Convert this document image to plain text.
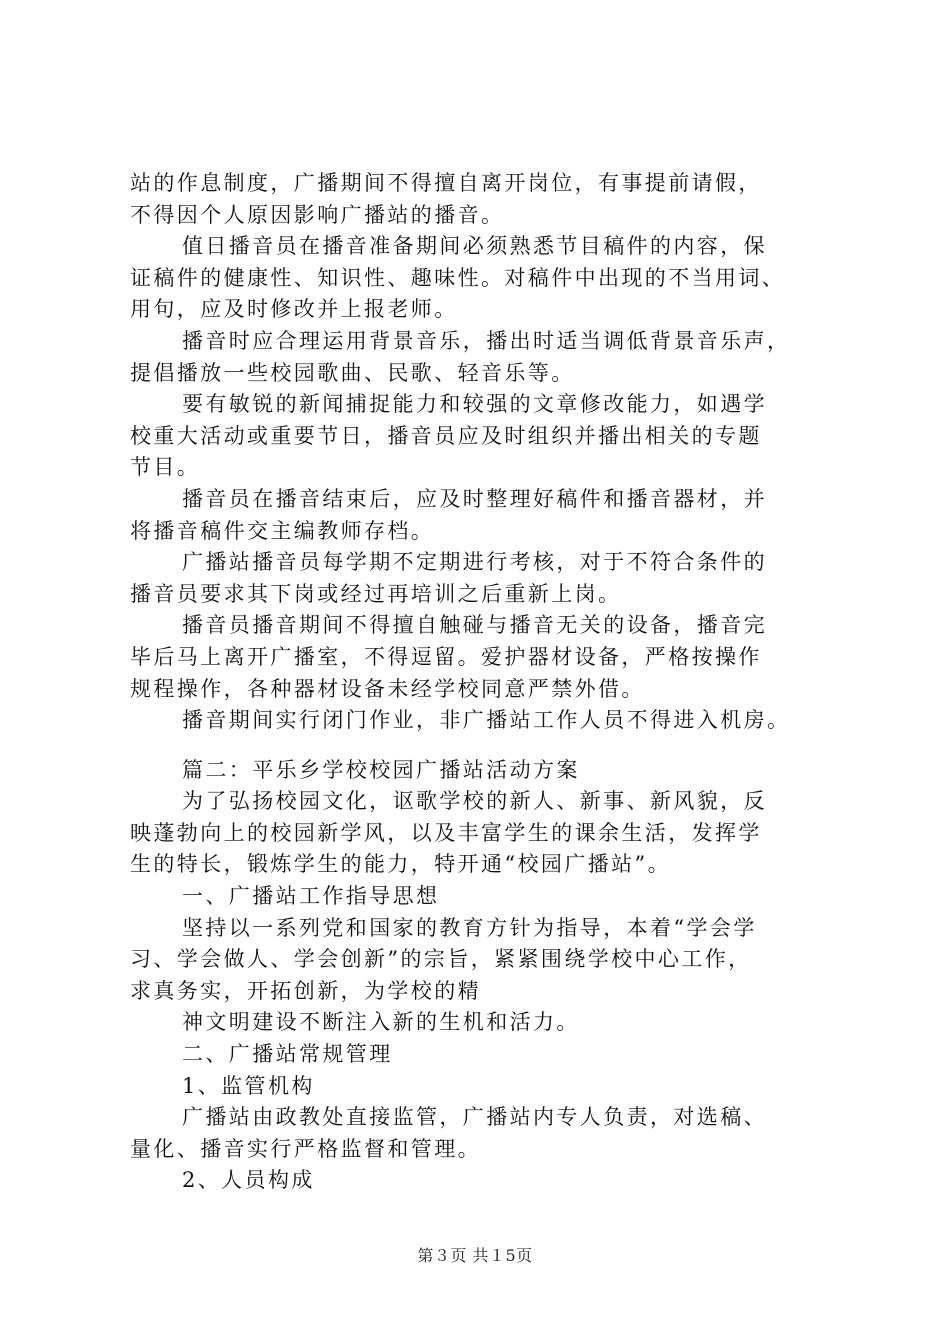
站的作息制度，广播期间不得擅自离开岗位，有事提前请假，
不得因个人原因影响广播站的播音。
值日播音员在播音准备期间必须熟悉节目稿件的内容，保
证稿件的健康性、知识性、趣味性。对稿件中出现的不当用词、
用句，应及时修改并上报老师。
播音时应合理运用背景音乐，播出时适当调低背景音乐声，
提倡播放一些校园歌曲、民歌、轻音乐等。
要有敏锐的新闻捕捉能力和较强的文章修改能力，如遇学
校重大活动或重要节日，播音员应及时组织并播出相关的专题
节目。
播音员在播音结束后，应及时整理好稿件和播音器材，并
将播音稿件交主编教师存档。
广播站播音员每学期不定期进行考核，对于不符合条件的
播音员要求其下岗或经过再培训之后重新上岗。
播音员播音期间不得擅自触碰与播音无关的设备，播音完
毕后马上离开广播室，不得逗留。爱护器材设备，严格按操作
规程操作，各种器材设备未经学校同意严禁外借。
播音期间实行闭门作业，非广播站工作人员不得进入机房。
篇二：平乐乡学校校园广播站活动方案
为了弘扬校园文化，讴歌学校的新人、新事、新风貌，反
映蓬勃向上的校园新学风，以及丰富学生的课余生活，发挥学
生的特长，锻炼学生的能力，特开通“校园广播站”。
一、广播站工作指导思想
坚持以一系列党和国家的教育方针为指导，本着“学会学
习、学会做人、学会创新”的宗旨，紧紧围绕学校中心工作，
求真务实，开拓创新，为学校的精
神文明建设不断注入新的生机和活力。
二、广播站常规管理
1、监管机构
广播站由政教处直接监管，广播站内专人负责，对选稿、
量化、播音实行严格监督和管理。
2、人员构成
第３页 共１5页
